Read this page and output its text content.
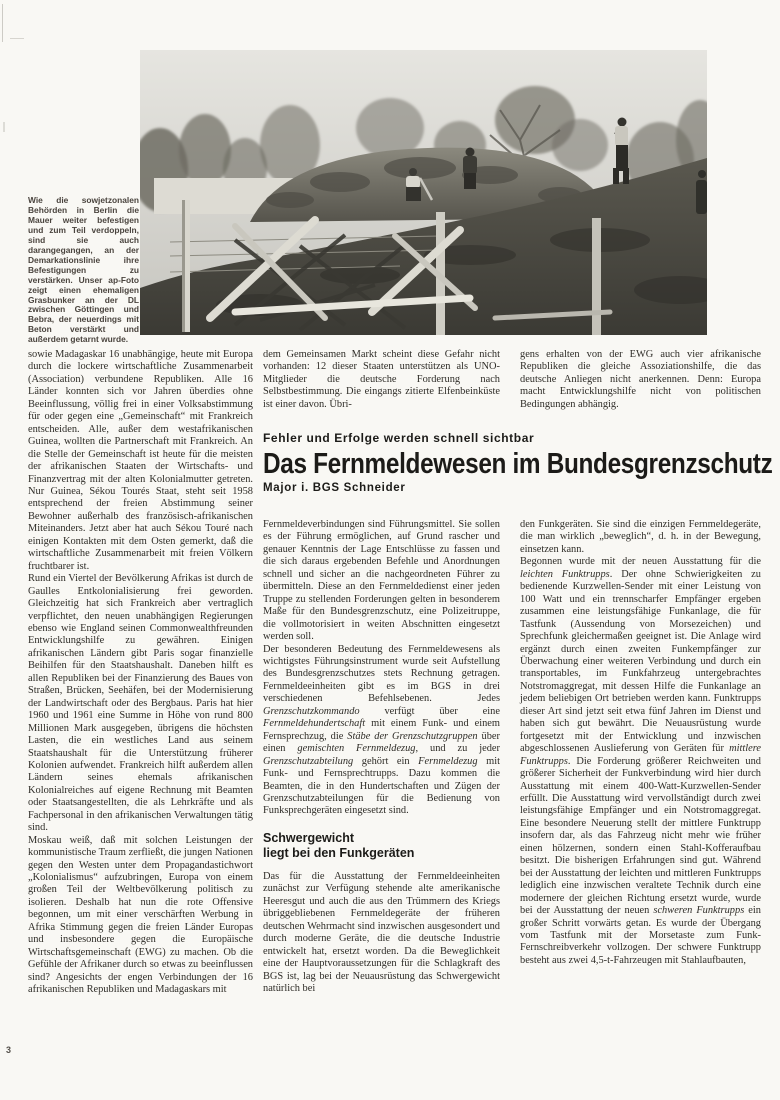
Wie die sowjetzonalen Behörden in Berlin die Mauer weiter befestigen und zum Teil verdoppeln, sind sie auch darangegangen, an der Demarkationslinie ihre Befestigungen zu verstärken. Unser ap-Foto zeigt einen ehemaligen Grasbunker an der DL zwischen Göttingen und Bebra, der neuerdings mit Beton verstärkt und außerdem getarnt wurde.

sowie Madagaskar 16 unabhängige, heute mit Europa durch die lockere wirtschaftliche Zusammenarbeit (Association) verbundene Republiken. Alle 16 Länder konnten sich vor Jahren überdies ohne Beeinflussung, völlig frei in einer Volksabstimmung für oder gegen eine „Gemeinschaft“ mit Frankreich entscheiden. Alle, außer dem westafrikanischen Guinea, wollten die Partnerschaft mit Frankreich. An die Stelle der Gemeinschaft ist heute für die meisten der afrikanischen Staaten der Wirtschafts- und Finanzvertrag mit der alten Kolonialmutter getreten. Nur Guinea, Sékou Tourés Staat, steht seit 1958 entsprechend der freien Abstimmung seiner Bewohner außerhalb des französisch-afrikanischen Miteinanders. Jetzt aber hat auch Sékou Touré nach einigen Kontakten mit dem Osten gemerkt, daß die wirtschaftliche Zusammenarbeit mit freien Völkern fruchtbarer ist.

Rund ein Viertel der Bevölkerung Afrikas ist durch de Gaulles Entkolonialisierung frei geworden. Gleichzeitig hat sich Frankreich aber vertraglich verpflichtet, den neuen unabhängigen Regierungen ebenso wie England seinen Commonwealthfreunden Entwicklungshilfe zu gewähren. Einigen afrikanischen Ländern gibt Paris sogar finanzielle Beihilfen für den Staatshaushalt. Daneben hilft es allen Republiken bei der Finanzierung des Baues von Straßen, Brücken, Seehäfen, bei der Modernisierung der Landwirtschaft oder des Bergbaus. Paris hat hier 1960 und 1961 eine Summe in Höhe von rund 800 Millionen Mark ausgegeben, übrigens die höchsten Lasten, die ein westliches Land aus seinem Staatshaushalt für die Unterstützung früherer Kolonien aufwendet. Frankreich hilft außerdem allen Ländern seines ehemals afrikanischen Kolonialreiches auf eigene Rechnung mit Beamten oder Staatsangestellten, die als Lehrkräfte und als Fachpersonal in den afrikanischen Verwaltungen tätig sind.

Moskau weiß, daß mit solchen Leistungen der kommunistische Traum zerfließt, die jungen Nationen gegen den Westen unter dem Propagandastichwort „Kolonialismus“ aufzubringen, Europa von einem großen Teil der Weltbevölkerung politisch zu isolieren. Deshalb hat nun die rote Offensive begonnen, um mit einer verschärften Werbung in Afrika Stimmung gegen die freien Länder Europas und insbesondere gegen die Europäische Wirtschaftsgemeinschaft (EWG) zu machen. Ob die Gefühle der Afrikaner durch so etwas zu beeinflussen sind? Angesichts der engen Verbindungen der 16 afrikanischen Republiken und Madagaskars mit

dem Gemeinsamen Markt scheint diese Gefahr nicht vorhanden: 12 dieser Staaten unterstützen als UNO-Mitglieder die deutsche Forderung nach Selbstbestimmung. Die eingangs zitierte Elfenbeinküste ist einer davon. Übri-

gens erhalten von der EWG auch vier afrikanische Republiken die gleiche Assoziationshilfe, die das deutsche Anliegen nicht anerkennen. Denn: Europa macht Entwicklungshilfe nicht von politischen Bedingungen abhängig.

Fehler und Erfolge werden schnell sichtbar
Das Fernmeldewesen im Bundesgrenzschutz
Major i. BGS Schneider

Fernmeldeverbindungen sind Führungsmittel. Sie sollen es der Führung ermöglichen, auf Grund rascher und genauer Kenntnis der Lage Entschlüsse zu fassen und die sich daraus ergebenden Befehle und Anordnungen schnell und sicher an die nachgeordneten Führer zu übermitteln. Diese an den Fernmeldedienst einer jeden Truppe zu stellenden Forderungen gelten in besonderem Maße für den Bundesgrenzschutz, eine Polizeitruppe, die vollmotorisiert in weiten Abschnitten eingesetzt werden soll.

Der besonderen Bedeutung des Fernmeldewesens als wichtigstes Führungsinstrument wurde seit Aufstellung des Bundesgrenzschutzes stets Rechnung getragen. Fernmeldeeinheiten gibt es im BGS in drei verschiedenen Befehlsebenen. Jedes Grenzschutzkommando verfügt über eine Fernmeldehundertschaft mit einem Funk- und einem Fernsprechzug, die Stäbe der Grenzschutzgruppen über einen gemischten Fernmeldezug, und zu jeder Grenzschutzabteilung gehört ein Fernmeldezug mit Funk- und Fernsprechtrupps. Dazu kommen die Beamten, die in den Hundertschaften und Zügen der Grenzschutzabteilungen für die Bedienung von Funksprechgeräten eingesetzt sind.

Schwergewicht
liegt bei den Funkgeräten

Das für die Ausstattung der Fernmeldeeinheiten zunächst zur Verfügung stehende alte amerikanische Heeresgut und auch die aus den Trümmern des Kriegs übriggebliebenen Fernmeldegeräte der früheren deutschen Wehrmacht sind inzwischen ausgesondert und durch moderne Geräte, die die deutsche Industrie entwickelt hat, ersetzt worden. Da die Beweglichkeit eine der Hauptvoraussetzungen für die Schlagkraft des BGS ist, lag bei der Neuausrüstung das Schwergewicht natürlich bei

den Funkgeräten. Sie sind die einzigen Fernmeldegeräte, die man wirklich „beweglich“, d. h. in der Bewegung, einsetzen kann.

Begonnen wurde mit der neuen Ausstattung für die leichten Funktrupps. Der ohne Schwierigkeiten zu bedienende Kurzwellen-Sender mit einer Leistung von 100 Watt und ein trennscharfer Empfänger ergeben zusammen eine leistungsfähige Funkanlage, die für Tastfunk (Aussendung von Morsezeichen) und Sprechfunk gleichermaßen geeignet ist. Die Anlage wird ergänzt durch einen zweiten Funkempfänger zur Überwachung einer weiteren Verbindung und durch ein transportables, im Funkfahrzeug untergebrachtes Notstromaggregat, mit dessen Hilfe die Funkanlage an jedem beliebigen Ort betrieben werden kann. Funktrupps dieser Art sind jetzt seit etwa fünf Jahren im Dienst und haben sich gut bewährt. Die Neuausrüstung wurde fortgesetzt mit der Entwicklung und inzwischen abgeschlossenen Auslieferung von Geräten für mittlere Funktrupps. Die Forderung größerer Reichweiten und größerer Sicherheit der Funkverbindung wird hier durch Ausstattung mit einem 400-Watt-Kurzwellen-Sender erfüllt. Die Ausstattung wird vervollständigt durch zwei leistungsfähige Empfänger und ein Notstromaggregat. Eine besondere Neuerung stellt der mittlere Funktrupp insofern dar, als das Fahrzeug nicht mehr wie früher einen hölzernen, sondern einen Stahl-Kofferaufbau besitzt. Die bisherigen Erfahrungen sind gut. Während bei der Ausstattung der leichten und mittleren Funktrupps lediglich eine inzwischen veraltete Technik durch eine modernere der gleichen Richtung ersetzt wurde, wurde bei der Ausstattung der neuen schweren Funktrupps ein großer Schritt vorwärts getan. Es wurde der Übergang vom Tastfunk mit der Morsetaste zum Funk-Fernschreibverkehr vollzogen. Der schwere Funktrupp besteht aus zwei 4,5-t-Fahrzeugen mit Stahlaufbauten,

3
